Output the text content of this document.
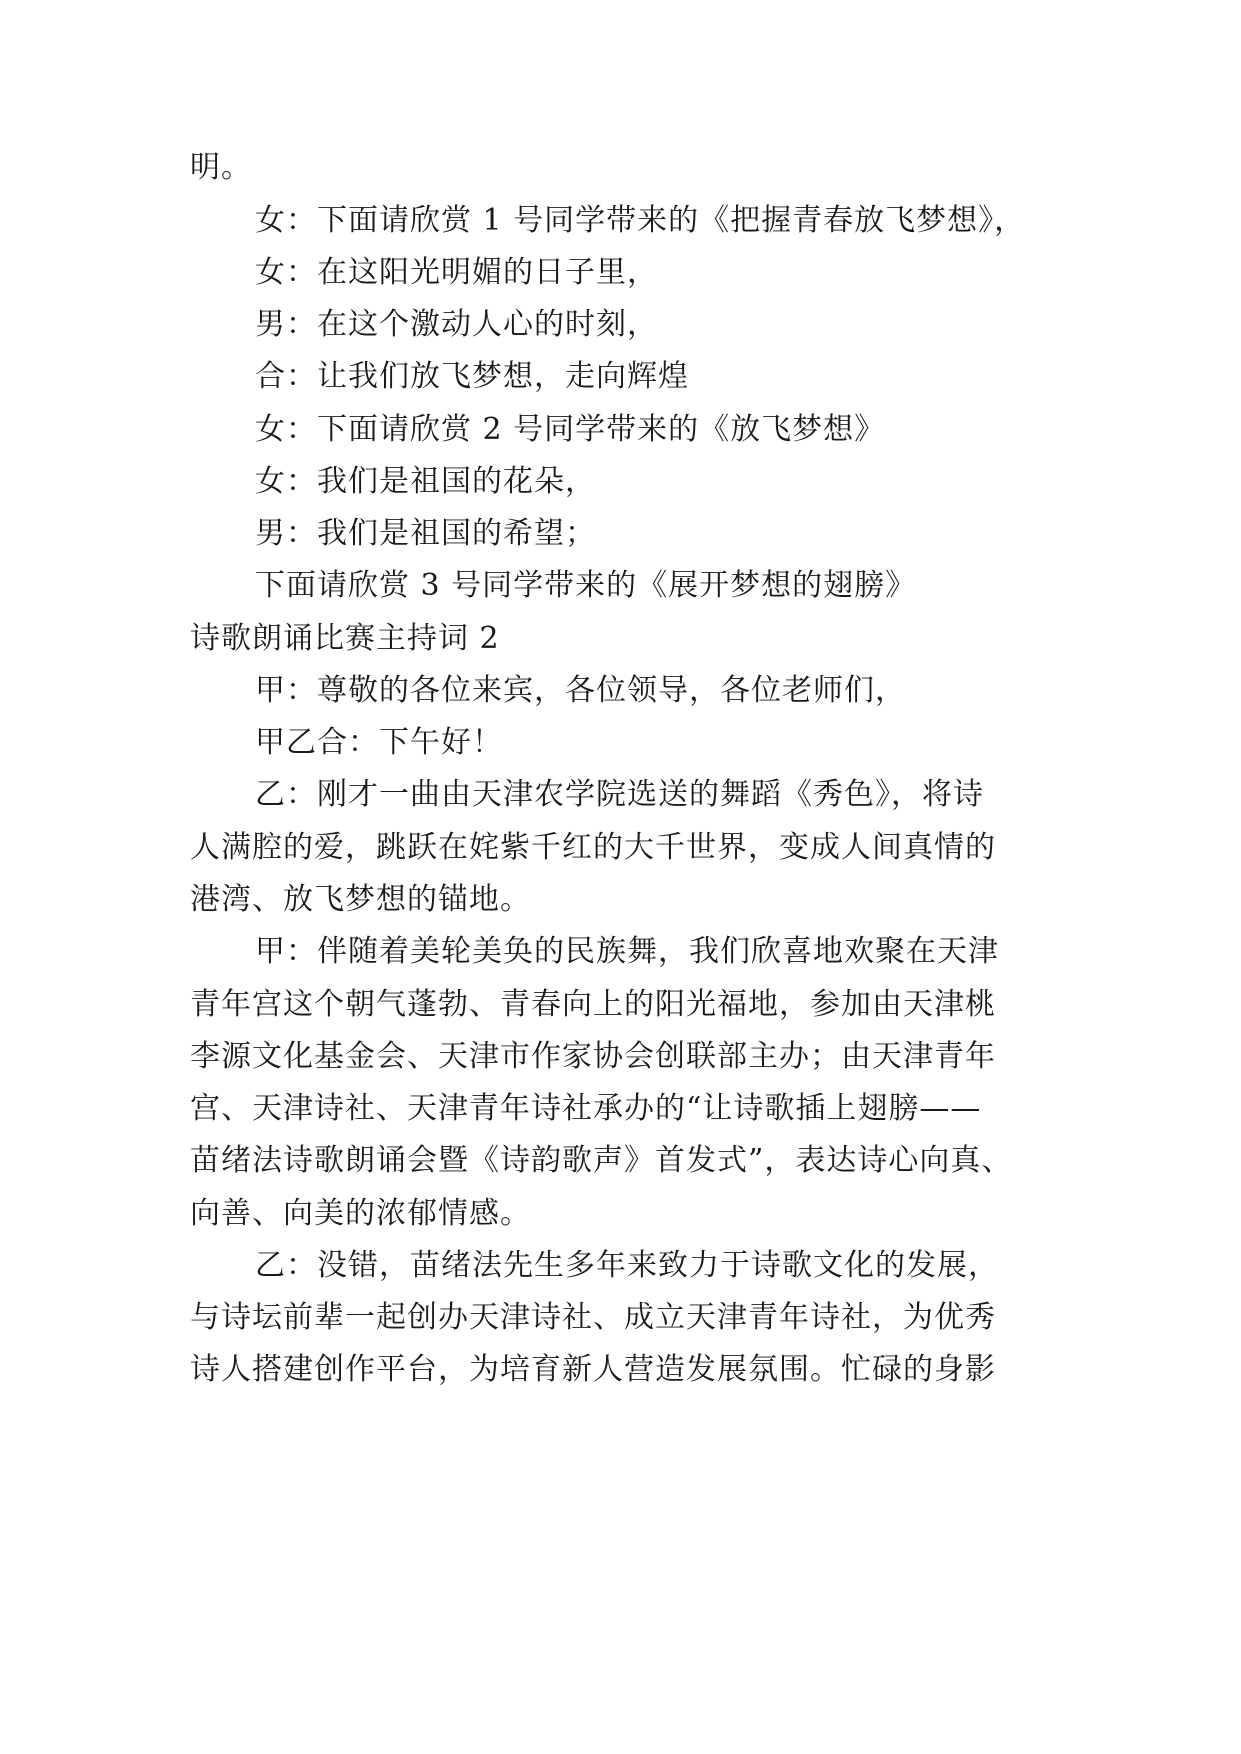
明。
女：下面请欣赏 1 号同学带来的《把握青春放飞梦想》，
女：在这阳光明媚的日子里，
男：在这个激动人心的时刻，
合：让我们放飞梦想，走向辉煌
女：下面请欣赏 2 号同学带来的《放飞梦想》
女：我们是祖国的花朵，
男：我们是祖国的希望；
下面请欣赏 3 号同学带来的《展开梦想的翅膀》
诗歌朗诵比赛主持词 2
甲：尊敬的各位来宾，各位领导，各位老师们，
甲乙合：下午好！
乙：刚才一曲由天津农学院选送的舞蹈《秀色》，将诗
人满腔的爱，跳跃在姹紫千红的大千世界，变成人间真情的
港湾、放飞梦想的锚地。
甲：伴随着美轮美奂的民族舞，我们欣喜地欢聚在天津
青年宫这个朝气蓬勃、青春向上的阳光福地，参加由天津桃
李源文化基金会、天津市作家协会创联部主办；由天津青年
宫、天津诗社、天津青年诗社承办的“让诗歌插上翅膀——
苗绪法诗歌朗诵会暨《诗韵歌声》首发式”，表达诗心向真、
向善、向美的浓郁情感。
乙：没错，苗绪法先生多年来致力于诗歌文化的发展，
与诗坛前辈一起创办天津诗社、成立天津青年诗社，为优秀
诗人搭建创作平台，为培育新人营造发展氛围。忙碌的身影
